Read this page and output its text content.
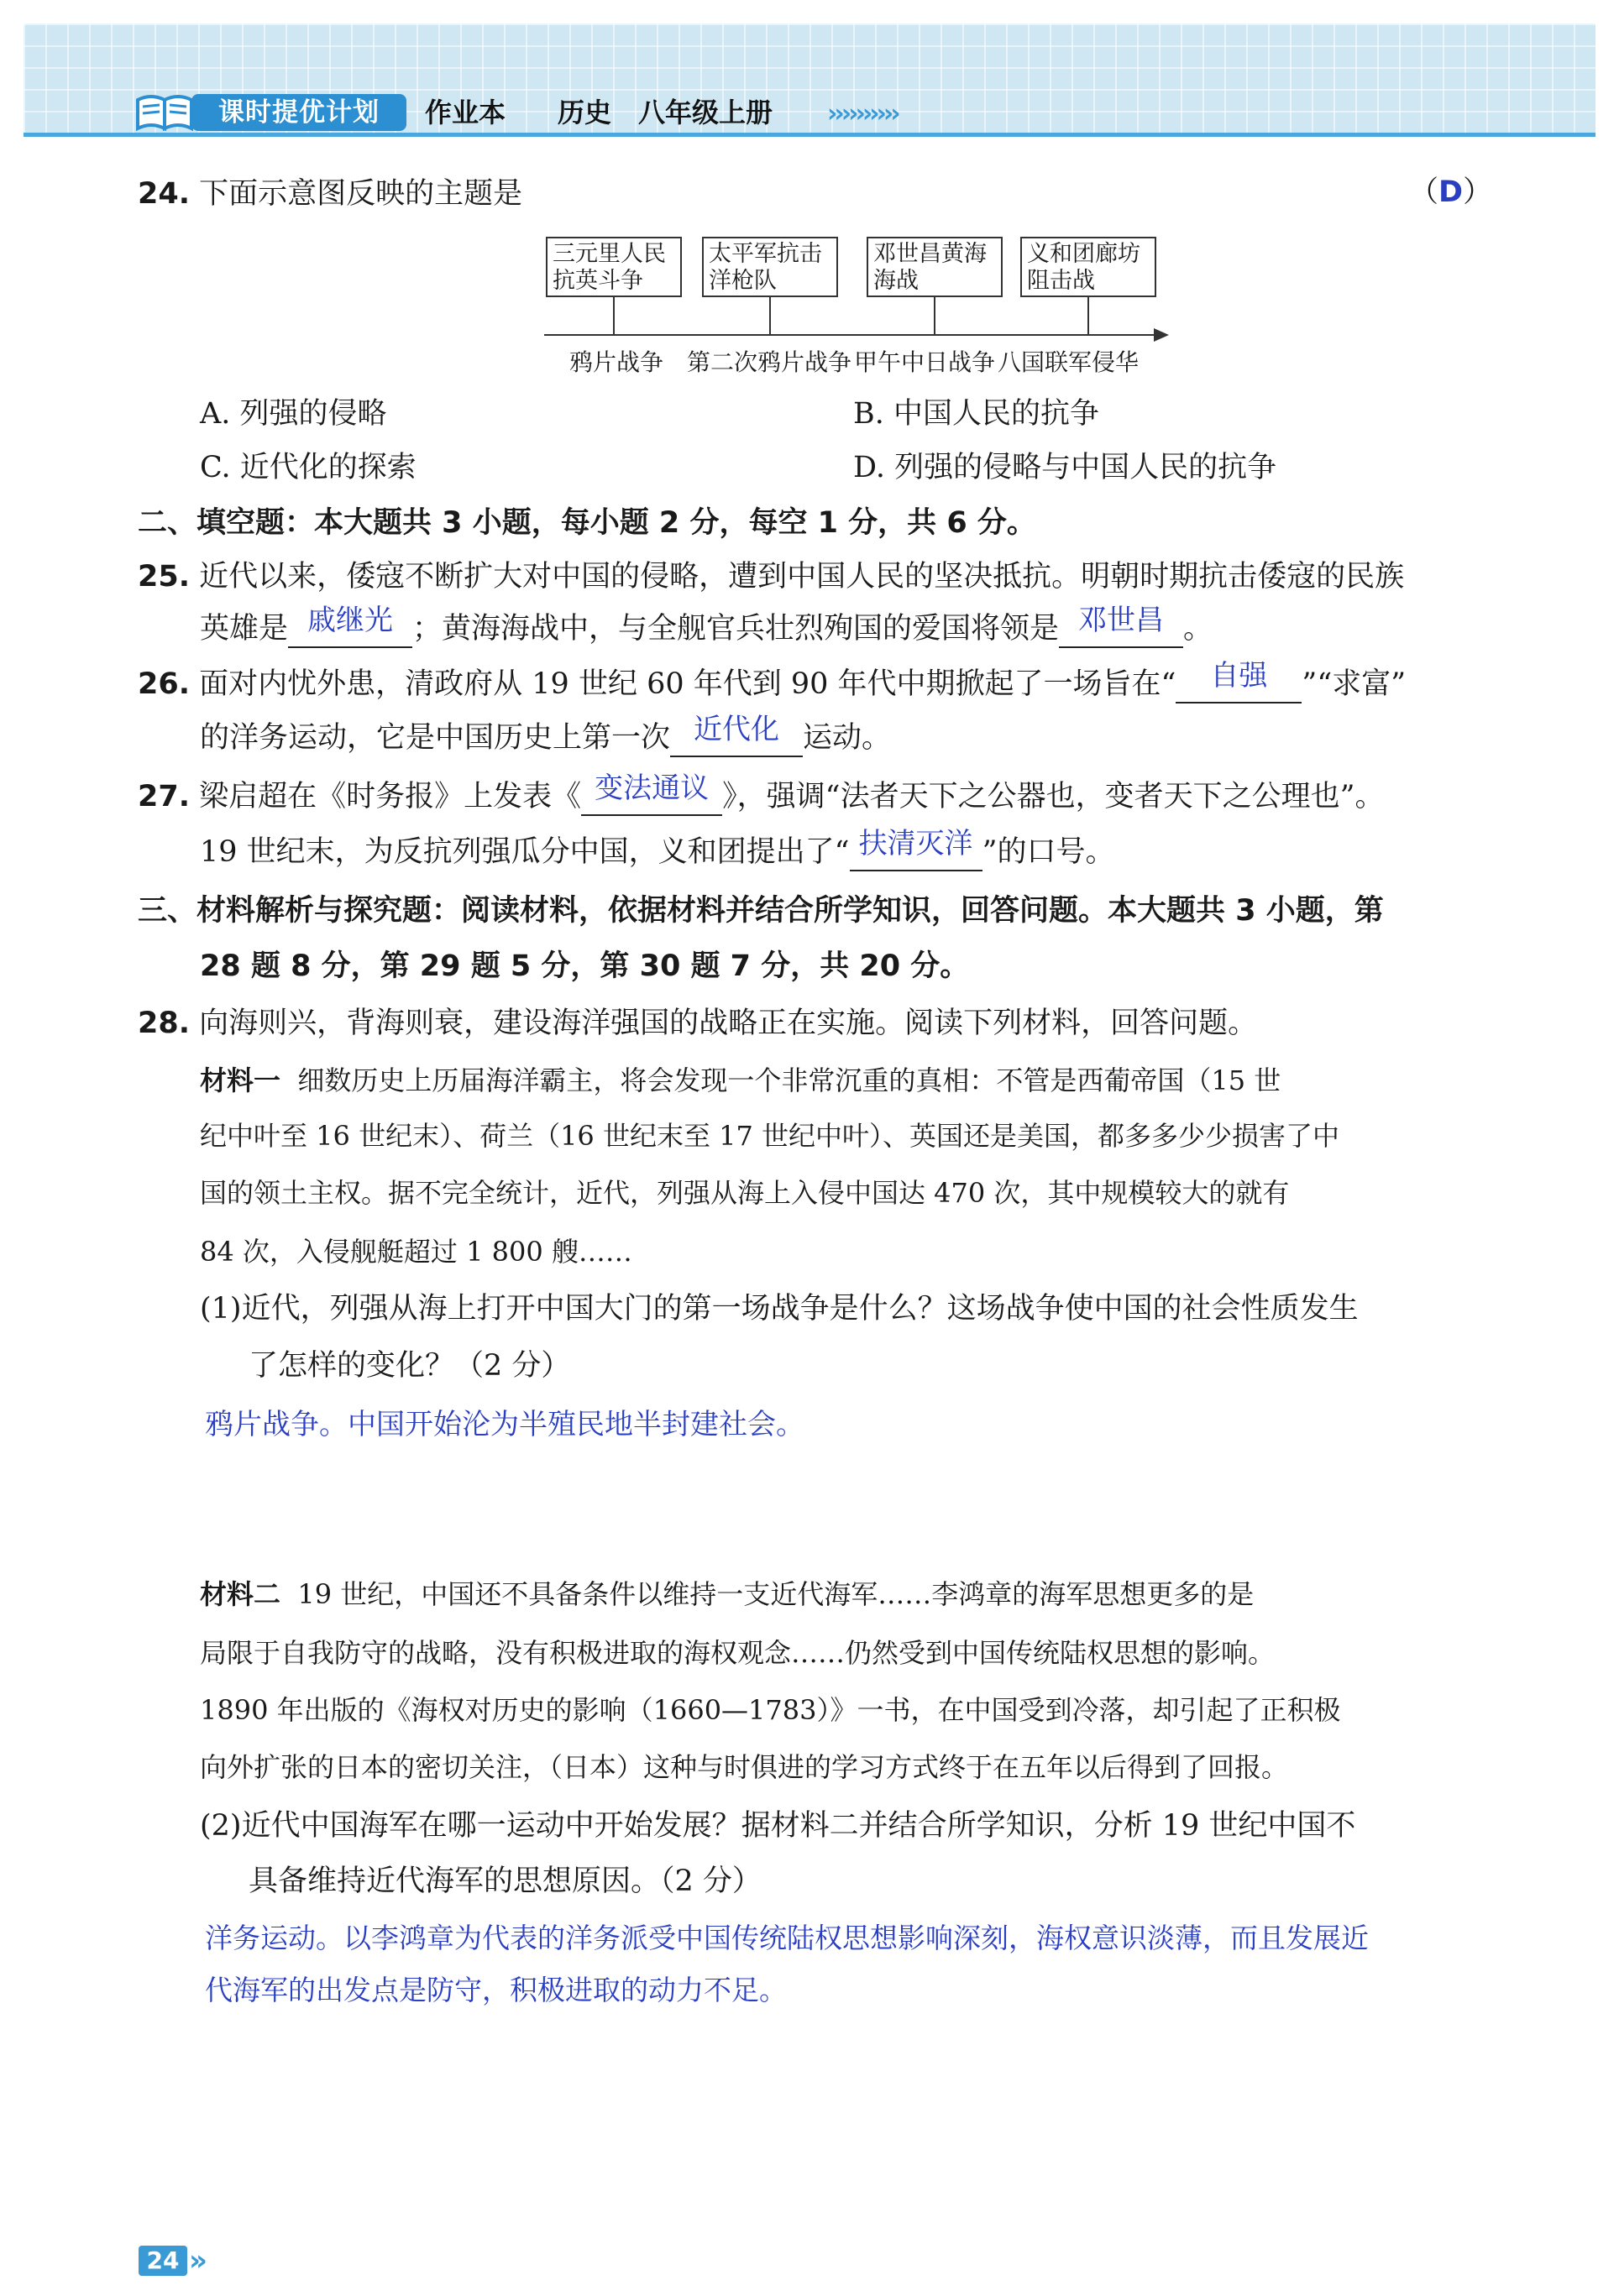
课时提优计划	作业本 历史 八年级上册 ››››››››››
24. 下面示意图反映的主题是	（D）
三元里人民
抗英斗争
太平军抗击
洋枪队
邓世昌黄海
海战
义和团廊坊
阻击战
鸦片战争 第二次鸦片战争 甲午中日战争 八国联军侵华
A. 列强的侵略	B. 中国人民的抗争
C. 近代化的探索	D. 列强的侵略与中国人民的抗争
二、填空题：本大题共 3 小题，每小题 2 分，每空 1 分，共 6 分。
25. 近代以来，倭寇不断扩大对中国的侵略，遭到中国人民的坚决抵抗。明朝时期抗击倭寇的民族
英雄是 戚继光 ；黄海海战中，与全舰官兵壮烈殉国的爱国将领是 邓世昌 。
26. 面对内忧外患，清政府从 19 世纪 60 年代到 90 年代中期掀起了一场旨在“ 自强 ”“求富”
的洋务运动，它是中国历史上第一次 近代化 运动。
27. 梁启超在《时务报》上发表《 变法通议 》，强调“法者天下之公器也，变者天下之公理也”。
19 世纪末，为反抗列强瓜分中国，义和团提出了“ 扶清灭洋 ”的口号。
三、材料解析与探究题：阅读材料，依据材料并结合所学知识，回答问题。本大题共 3 小题，第
28 题 8 分，第 29 题 5 分，第 30 题 7 分，共 20 分。
28. 向海则兴，背海则衰，建设海洋强国的战略正在实施。阅读下列材料，回答问题。
材料一 细数历史上历届海洋霸主，将会发现一个非常沉重的真相：不管是西葡帝国（15 世
纪中叶至 16 世纪末）、荷兰（16 世纪末至 17 世纪中叶）、英国还是美国，都多多少少损害了中
国的领土主权。据不完全统计，近代，列强从海上入侵中国达 470 次，其中规模较大的就有
84 次，入侵舰艇超过 1 800 艘……
(1)近代，列强从海上打开中国大门的第一场战争是什么？这场战争使中国的社会性质发生
了怎样的变化？（2 分）
鸦片战争。中国开始沦为半殖民地半封建社会。
材料二 19 世纪，中国还不具备条件以维持一支近代海军……李鸿章的海军思想更多的是
局限于自我防守的战略，没有积极进取的海权观念……仍然受到中国传统陆权思想的影响。
1890 年出版的《海权对历史的影响（1660—1783）》一书，在中国受到冷落，却引起了正积极
向外扩张的日本的密切关注，（日本）这种与时俱进的学习方式终于在五年以后得到了回报。
(2)近代中国海军在哪一运动中开始发展？据材料二并结合所学知识，分析 19 世纪中国不
具备维持近代海军的思想原因。（2 分）
洋务运动。以李鸿章为代表的洋务派受中国传统陆权思想影响深刻，海权意识淡薄，而且发展近
代海军的出发点是防守，积极进取的动力不足。
24 ››
